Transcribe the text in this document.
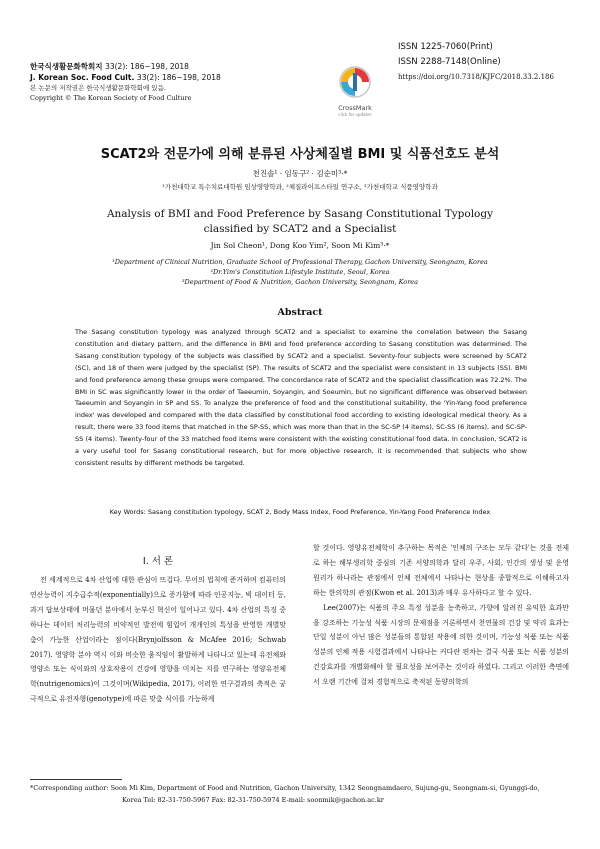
한국식생활문화학회지 33(2): 186~198, 2018
J. Korean Soc. Food Cult. 33(2): 186~198, 2018
본 논문의 저작권은 한국식생활문화학회에 있음.
Copyright © The Korean Society of Food Culture
CrossMark
click for updates
ISSN 1225-7060(Print)
ISSN 2288-7148(Online)
https://doi.org/10.7318/KJFC/2018.33.2.186
SCAT2와 전문가에 의해 분류된 사상체질별 BMI 및 식품선호도 분석
천진솔¹ · 임동구² · 김순미³·*
¹가천대학교 특수치료대학원 임상영양학과, ²체질라이프스타일 연구소, ³가천대학교 식품영양학과
Analysis of BMI and Food Preference by Sasang Constitutional Typology
classified by SCAT2 and a Specialist
Jin Sol Cheon¹, Dong Koo Yim², Soon Mi Kim³·*
¹Department of Clinical Nutrition, Graduate School of Professional Therapy, Gachon University, Seongnam, Korea
²Dr.Yim's Constitution Lifestyle Institute, Seoul, Korea
³Department of Food & Nutrition, Gachon University, Seongnam, Korea
Abstract
The Sasang constitution typology was analyzed through SCAT2 and a specialist to examine the correlation between the Sasang constitution and dietary pattern, and the difference in BMI and food preference according to Sasang constitution was determined. The Sasang constitution typology of the subjects was classified by SCAT2 and a specialist. Seventy-four subjects were screened by SCAT2 (SC), and 18 of them were judged by the specialist (SP). The results of SCAT2 and the specialist were consistent in 13 subjects (SS). BMI and food preference among these groups were compared. The concordance rate of SCAT2 and the specialist classification was 72.2%. The BMI in SC was significantly lower in the order of Taeeumin, Soyangin, and Soeumin, but no significant difference was observed between Taeeumin and Soyangin in SP and SS. To analyze the preference of food and the constitutional suitability, the 'Yin-Yang food preference index' was developed and compared with the data classified by constitutional food according to existing ideological medical theory. As a result, there were 33 food items that matched in the SP-SS, which was more than that in the SC-SP (4 items), SC-SS (6 items), and SC-SP-SS (4 items). Twenty-four of the 33 matched food items were consistent with the existing constitutional food data. In conclusion, SCAT2 is a very useful tool for Sasang constitutional research, but for more objective research, it is recommended that subjects who show consistent results by different methods be targeted.
Key Words: Sasang constitution typology, SCAT 2, Body Mass Index, Food Preference, Yin-Yang Food Preference Index
I. 서 론

전 세계적으로 4차 산업에 대한 관심이 뜨겁다. 무어의 법칙에 준거하며 컴퓨터의 연산능력이 지수급수적(exponentially)으로 증가함에 따라 인공지능, 빅 데이터 등, 과거 답보상태에 머물던 분야에서 눈부신 혁신이 일어나고 있다. 4차 산업의 특징 중 하나는 데이터 처리능력의 비약적인 발전에 힘입어 개개인의 특성을 반영한 개별맞춤이 가능한 산업이라는 점이다(Brynjolfsson & McAfee 2016; Schwab 2017). 영양학 분야 역시 이와 비슷한 움직임이 활발하게 나타나고 있는데 유전체와 영양소 또는 식이와의 상호작용이 건강에 영향을 미치는 지를 연구하는 영양유전체학(nutrigenomics)이 그것이며(Wikipedia, 2017), 이러한 연구결과의 축적은 궁극적으로 유전자형(genotype)에 따른 맞춤 식이를 가능하게

할 것이다. 영양유전체학이 추구하는 목적은 '인체의 구조는 모두 같다'는 것을 전제로 하는 해부생리학 중심의 기존 서양의학과 달리 우주, 사회, 인간의 생성 및 운영 원리가 하나라는 관점에서 인체 전체에서 나타나는 현상을 종합적으로 이해하고자 하는 한의학의 관점(Kwon et al. 2013)과 매우 유사하다고 할 수 있다.

Lee(2007)는 식품의 주요 특정 성분을 농축하고, 가향에 알려진 유익한 효과만을 강조하는 기능성 식품 시장의 문제점을 거론하면서 천연물의 건강 및 약리 효과는 단일 성분이 아닌 많은 성분들의 통합된 작용에 의한 것이며, 기능성 식품 또는 식품 성분의 인체 적용 시험결과에서 나타나는 커다란 편차는 결국 식품 또는 식품 성분의 건강효과를 개별화해야 할 필요성을 보여주는 것이라 하였다. 그리고 이러한 측면에서 오랜 기간에 걸쳐 경험적으로 축적된 동양의학의

*Corresponding author: Soon Mi Kim, Department of Food and Nutrition, Gachon University, 1342 Seongnamdaero, Sujung-gu, Seongnam-si, Gyunggi-do,
Korea Tel: 82-31-750-5967 Fax: 82-31-750-5974 E-mail: soonmik@gachon.ac.kr
